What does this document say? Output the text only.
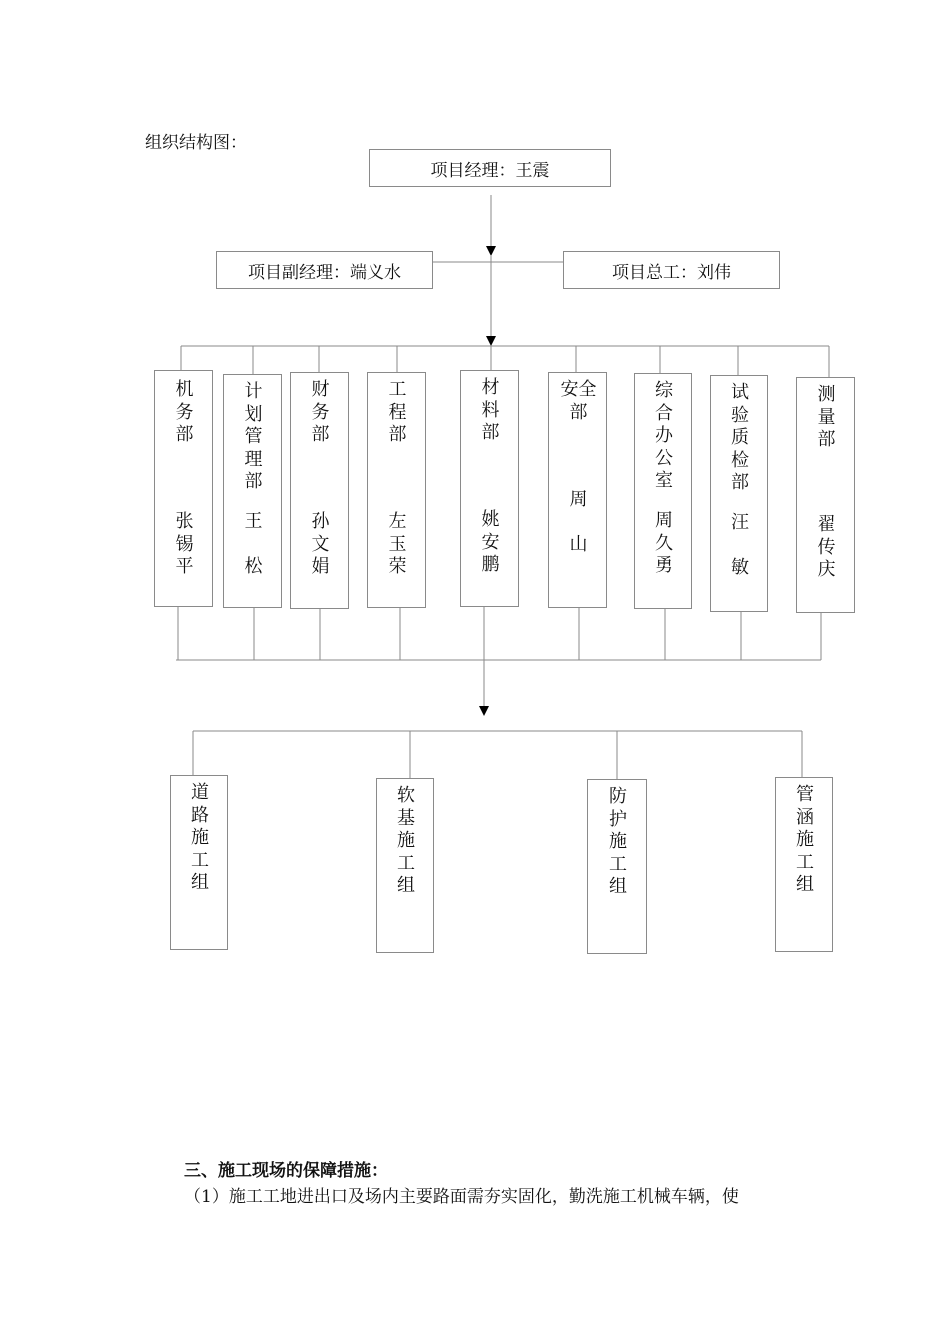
组织结构图：
项目经理：王震
项目副经理：端义水	项目总工：刘伟
机
务
部
张
锡
平
计
划
管
理
部
王
松
财
务
部
孙
文
娟
工
程
部
左
玉
荣
材
料
部
姚
安
鹏
安全
部
周
山
综
合
办
公
室
周
久
勇
试
验
质
检
部
汪
敏
测
量
部
翟
传
庆
道
路
施
工
组
软
基
施
工
组
防
护
施
工
组
管
涵
施
工
组
三、施工现场的保障措施：
（1）施工工地进出口及场内主要路面需夯实固化，勤洗施工机械车辆，使
